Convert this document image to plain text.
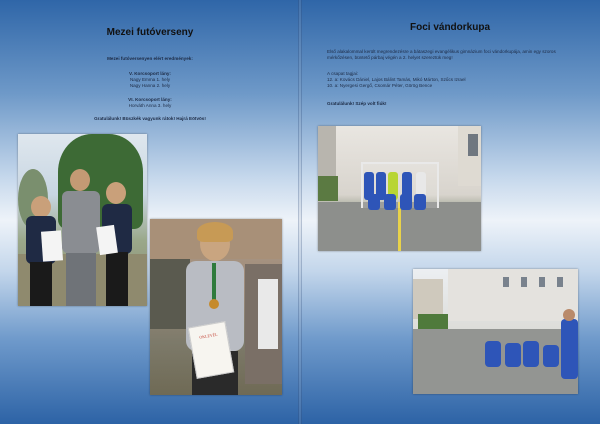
Mezei futóverseny
Mezei futóversenyen elért eredmények:
V. Korcsoport lány:
Nagy Emma 1. hely
Nagy Hanna 2. hely
VI. Korcsoport lány:
Horváth Anna 3. hely
Gratulálunk! Büszkék vagyunk rátok! Hajrá Eötvös!
Foci vándorkupa
Első alakalommal került megrendezésre a bátaszegi evangélikus gimnázium foci vándorkupája, amin egy szoros mérkőzésen, büntető párbaj végén a 2. helyet szereztük meg!
A csapat tagjai:
12. a: Kovács Dániel, Lajos Bálint Tamás, Mikó Márton, Szűcs Izrael
10. a: Nyergesi Gergő, Csomár Péter, Görög Bence
Gratulálunk! Szép volt fiúk!
OKLEVÉL
